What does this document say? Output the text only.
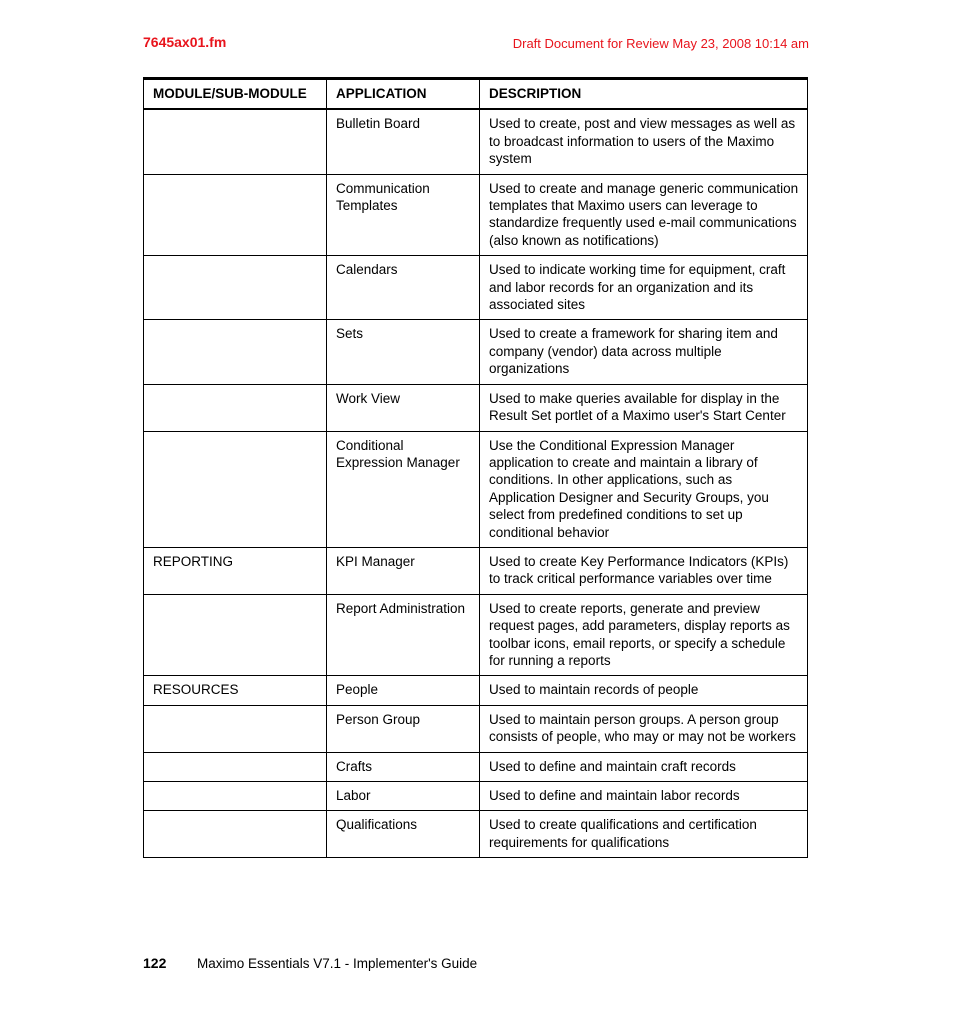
7645ax01.fm	Draft Document for Review May 23, 2008 10:14 am
MODULE/SUB-MODULE	APPLICATION	DESCRIPTION
	Bulletin Board	Used to create, post and view messages as well as to broadcast information to users of the Maximo system
	Communication Templates	Used to create and manage generic communication templates that Maximo users can leverage to standardize frequently used e-mail communications (also known as notifications)
	Calendars	Used to indicate working time for equipment, craft and labor records for an organization and its associated sites
	Sets	Used to create a framework for sharing item and company (vendor) data across multiple organizations
	Work View	Used to make queries available for display in the Result Set portlet of a Maximo user's Start Center
	Conditional Expression Manager	Use the Conditional Expression Manager application to create and maintain a library of conditions. In other applications, such as Application Designer and Security Groups, you select from predefined conditions to set up conditional behavior
REPORTING	KPI Manager	Used to create Key Performance Indicators (KPIs) to track critical performance variables over time
	Report Administration	Used to create reports, generate and preview request pages, add parameters, display reports as toolbar icons, email reports, or specify a schedule for running a reports
RESOURCES	People	Used to maintain records of people
	Person Group	Used to maintain person groups. A person group consists of people, who may or may not be workers
	Crafts	Used to define and maintain craft records
	Labor	Used to define and maintain labor records
	Qualifications	Used to create qualifications and certification requirements for qualifications
122 Maximo Essentials V7.1 - Implementer's Guide
